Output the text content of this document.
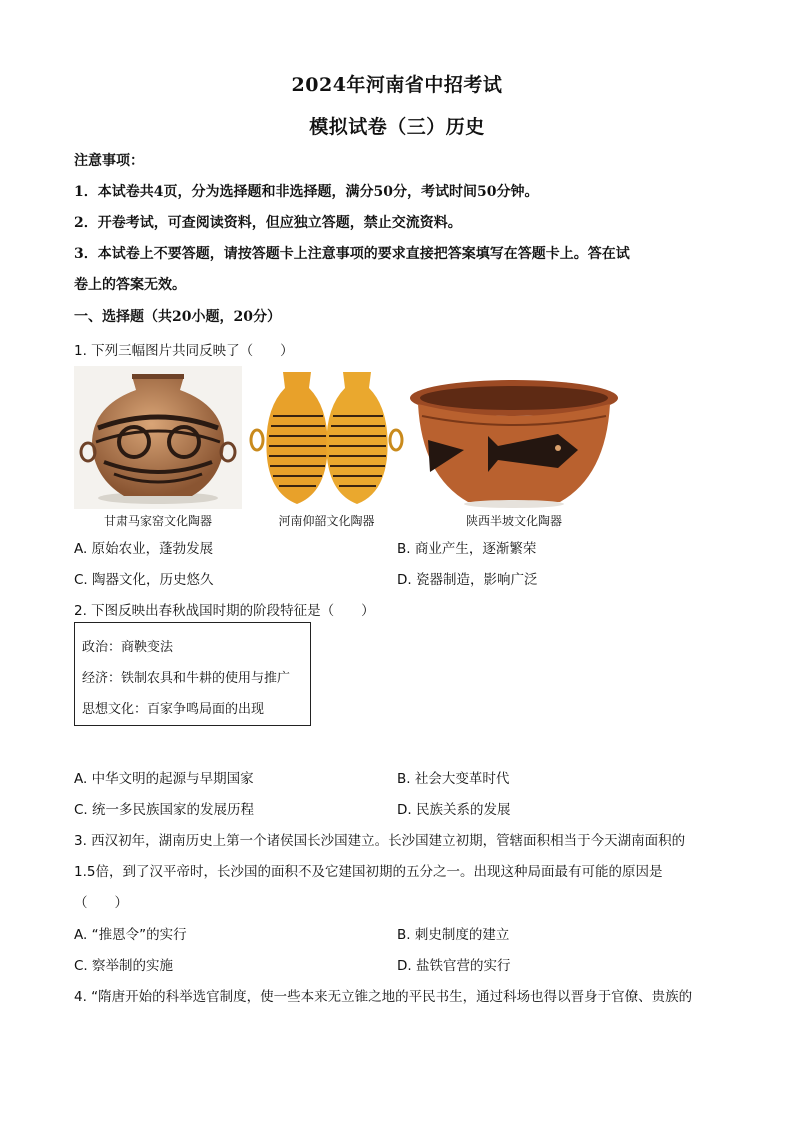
2024年河南省中招考试
模拟试卷（三）历史
注意事项：
1．本试卷共4页，分为选择题和非选择题，满分50分，考试时间50分钟。
2．开卷考试，可查阅读资料，但应独立答题，禁止交流资料。
3．本试卷上不要答题，请按答题卡上注意事项的要求直接把答案填写在答题卡上。答在试
卷上的答案无效。
一、选择题（共20小题，20分）
1. 下列三幅图片共同反映了（　　）
甘肃马家窑文化陶器	河南仰韶文化陶器	陕西半坡文化陶器
A. 原始农业，蓬勃发展	B. 商业产生，逐渐繁荣
C. 陶器文化，历史悠久	D. 瓷器制造，影响广泛
2. 下图反映出春秋战国时期的阶段特征是（　　）
政治：商鞅变法
经济：铁制农具和牛耕的使用与推广
思想文化：百家争鸣局面的出现
A. 中华文明的起源与早期国家	B. 社会大变革时代
C. 统一多民族国家的发展历程	D. 民族关系的发展
3. 西汉初年，湖南历史上第一个诸侯国长沙国建立。长沙国建立初期，管辖面积相当于今天湖南面积的
1.5倍，到了汉平帝时，长沙国的面积不及它建国初期的五分之一。出现这种局面最有可能的原因是
（　　）
A. “推恩令”的实行	B. 刺史制度的建立
C. 察举制的实施	D. 盐铁官营的实行
4. “隋唐开始的科举选官制度，使一些本来无立锥之地的平民书生，通过科场也得以晋身于官僚、贵族的
